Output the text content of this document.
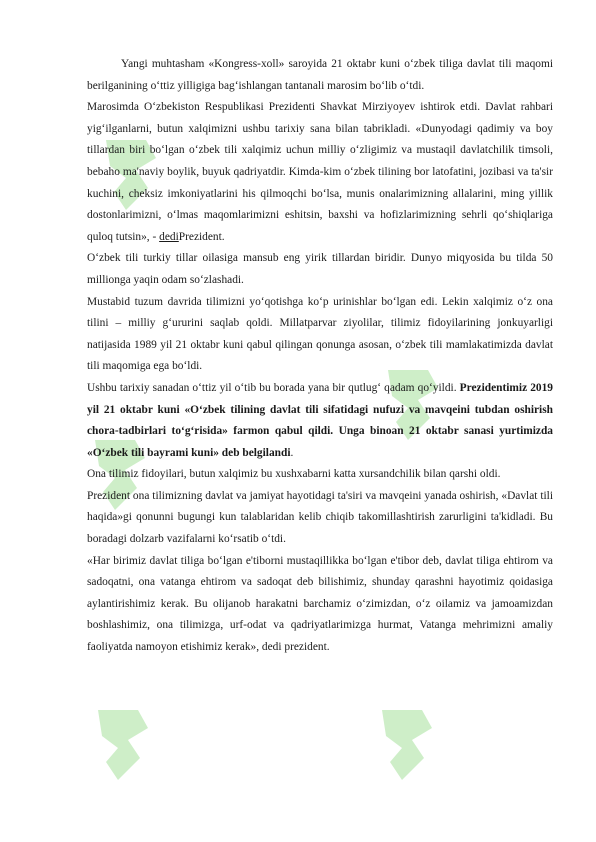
Yangi muhtasham «Kongress-xoll» saroyida 21 oktabr kuni o‘zbek tiliga davlat tili maqomi berilganining o‘ttiz yilligiga bag‘ishlangan tantanali marosim bo‘lib o‘tdi.

Marosimda O‘zbekiston Respublikasi Prezidenti Shavkat Mirziyoyev ishtirok etdi. Davlat rahbari yig‘ilganlarni, butun xalqimizni ushbu tarixiy sana bilan tabrikladi. «Dunyodagi qadimiy va boy tillardan biri bo‘lgan o‘zbek tili xalqimiz uchun milliy o‘zligimiz va mustaqil davlatchilik timsoli, bebaho ma'naviy boylik, buyuk qadriyatdir. Kimda-kim o‘zbek tilining bor latofatini, jozibasi va ta'sir kuchini, cheksiz imkoniyatlarini his qilmoqchi bo‘lsa, munis onalarimizning allalarini, ming yillik dostonlarimizni, o‘lmas maqomlarimizni eshitsin, baxshi va hofizlarimizning sehrli qo‘shiqlariga quloq tutsin», - dediPrezident.

O‘zbek tili turkiy tillar oilasiga mansub eng yirik tillardan biridir. Dunyo miqyosida bu tilda 50 millionga yaqin odam so‘zlashadi.

Mustabid tuzum davrida tilimizni yo‘qotishga ko‘p urinishlar bo‘lgan edi. Lekin xalqimiz o‘z ona tilini – milliy g‘ururini saqlab qoldi. Millatparvar ziyolilar, tilimiz fidoyilarining jonkuyarligi natijasida 1989 yil 21 oktabr kuni qabul qilingan qonunga asosan, o‘zbek tili mamlakatimizda davlat tili maqomiga ega bo‘ldi.

Ushbu tarixiy sanadan o‘ttiz yil o‘tib bu borada yana bir qutlug‘ qadam qo‘yildi. Prezidentimiz 2019 yil 21 oktabr kuni «O‘zbek tilining davlat tili sifatidagi nufuzi va mavqeini tubdan oshirish chora-tadbirlari to‘g‘risida» farmon qabul qildi. Unga binoan 21 oktabr sanasi yurtimizda «O‘zbek tili bayrami kuni» deb belgilandi.

Ona tilimiz fidoyilari, butun xalqimiz bu xushxabarni katta xursandchilik bilan qarshi oldi.

Prezident ona tilimizning davlat va jamiyat hayotidagi ta'siri va mavqeini yanada oshirish, «Davlat tili haqida»gi qonunni bugungi kun talablaridan kelib chiqib takomillashtirish zarurligini ta'kidladi. Bu boradagi dolzarb vazifalarni ko‘rsatib o‘tdi.

«Har birimiz davlat tiliga bo‘lgan e'tiborni mustaqillikka bo‘lgan e'tibor deb, davlat tiliga ehtirom va sadoqatni, ona vatanga ehtirom va sadoqat deb bilishimiz, shunday qarashni hayotimiz qoidasiga aylantirishimiz kerak. Bu olijanob harakatni barchamiz o‘zimizdan, o‘z oilamiz va jamoamizdan boshlashimiz, ona tilimizga, urf-odat va qadriyatlarimizga hurmat, Vatanga mehrimizni amaliy faoliyatda namoyon etishimiz kerak», dedi prezident.
